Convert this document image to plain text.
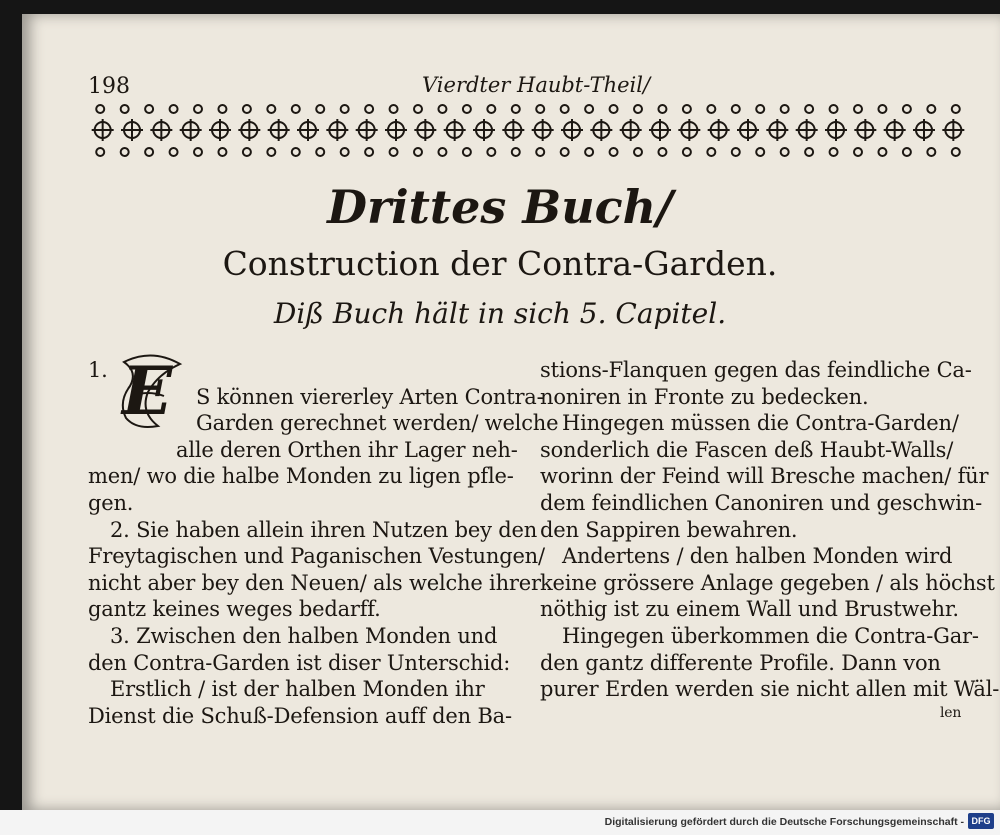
198	Vierdter Haubt-Theil/
Drittes Buch/
Construction der Contra-Garden.
Diß Buch hält in sich 5. Capitel.
E
1.
S können viererley Arten Contra-
Garden gerechnet werden/ welche
alle deren Orthen ihr Lager neh-
men/ wo die halbe Monden zu ligen pfle-
gen.
2. Sie haben allein ihren Nutzen bey den
Freytagischen und Paganischen Vestungen/
nicht aber bey den Neuen/ als welche ihrer
gantz keines weges bedarff.
3. Zwischen den halben Monden und
den Contra-Garden ist diser Unterschid:
Erstlich / ist der halben Monden ihr
Dienst die Schuß-Defension auff den Ba-
stions-Flanquen gegen das feindliche Ca-
noniren in Fronte zu bedecken.
Hingegen müssen die Contra-Garden/
sonderlich die Fascen deß Haubt-Walls/
worinn der Feind will Bresche machen/ für
dem feindlichen Canoniren und geschwin-
den Sappiren bewahren.
Andertens / den halben Monden wird
keine grössere Anlage gegeben / als höchst
nöthig ist zu einem Wall und Brustwehr.
Hingegen überkommen die Contra-Gar-
den gantz differente Profile. Dann von
purer Erden werden sie nicht allen mit Wäl-
len
Digitalisierung gefördert durch die Deutsche Forschungsgemeinschaft - DFG
